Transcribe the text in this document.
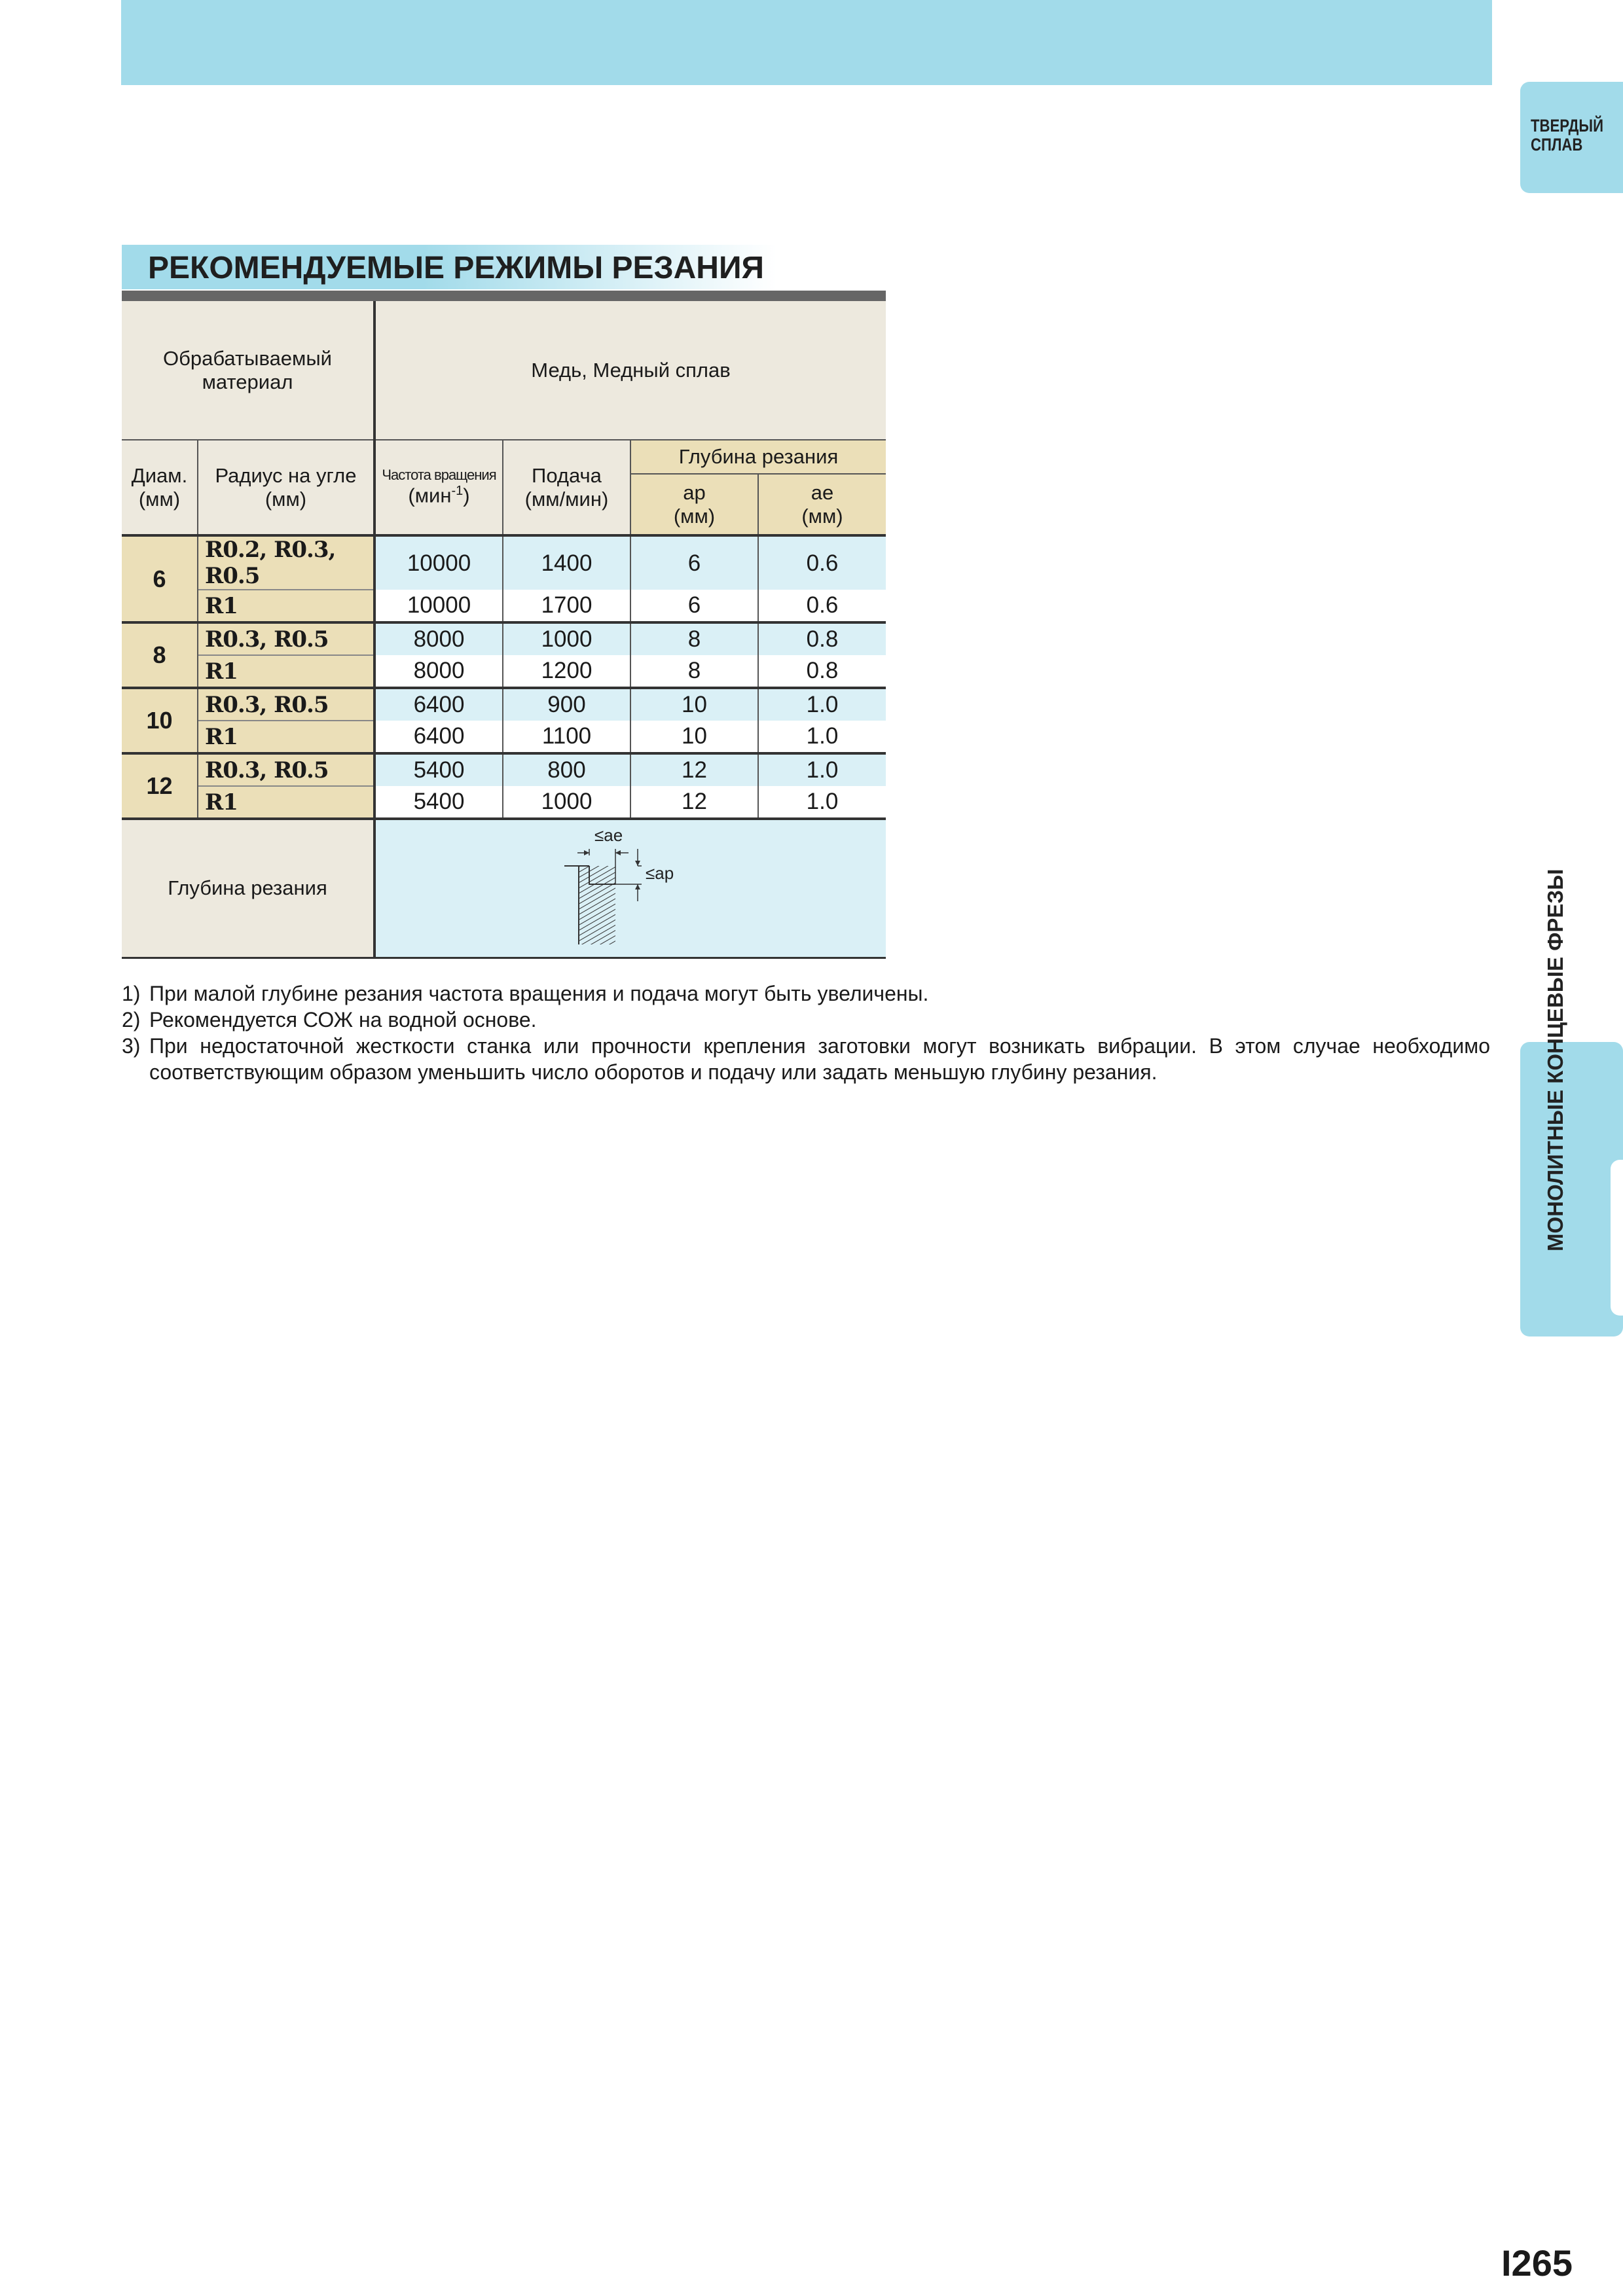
ТВЕРДЫЙ СПЛАВ
МОНОЛИТНЫЕ КОНЦЕВЫЕ ФРЕЗЫ
РЕКОМЕНДУЕМЫЕ РЕЖИМЫ РЕЗАНИЯ
Обрабатываемый материал		Медь, Медный сплав			

Диам. (мм)	Радиус на угле (мм)	Частота вращения
(мин$^{-1}$)	Подача (мм/мин)	Глубина резания	

				ap (мм)	ae (мм)

6	R0.2, R0.3, R0.5	10000	1400	6	0.6
	R1	10000	1700	6	0.6
8	R0.3, R0.5	8000	1000	8	0.8
	R1	8000	1200	8	0.8
10	R0.3, R0.5	6400	900	10	1.0
	R1	6400	1100	10	1.0
12	R0.3, R0.5	5400	800	12	1.0
	R1	5400	1000	12	1.0
Глубина резания		≤ae
≤ap			
1) При малой глубине резания частота вращения и подача могут быть увеличены.
2) Рекомендуется СОЖ на водной основе.
3) При недостаточной жесткости станка или прочности крепления заготовки могут возникать вибрации. В этом случае необходимо соответствующим образом уменьшить число оборотов и подачу или задать меньшую глубину резания.
I265
